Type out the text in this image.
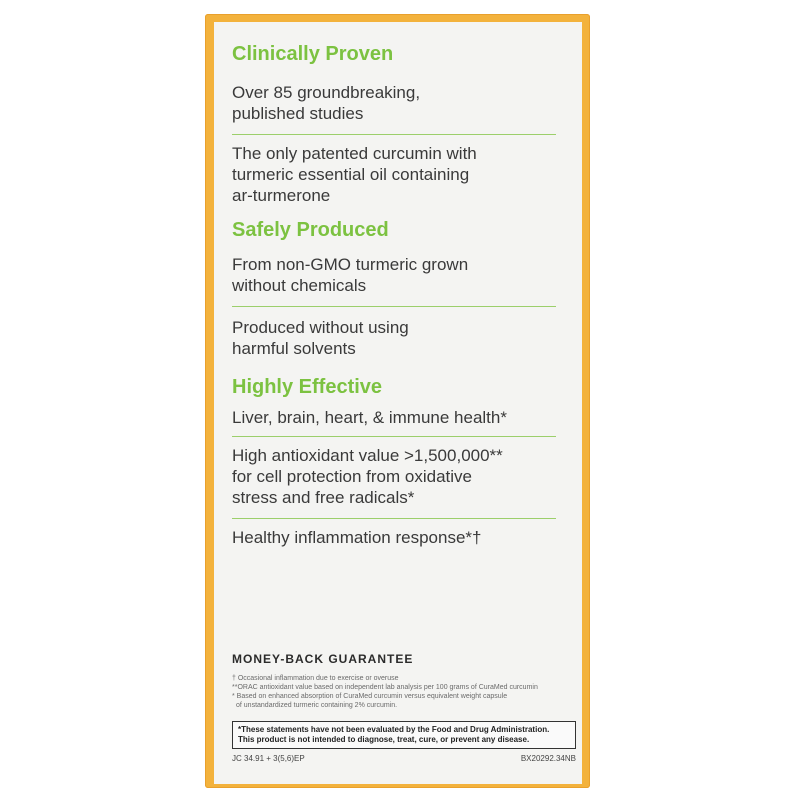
Clinically Proven
Over 85 groundbreaking,
published studies
The only patented curcumin with
turmeric essential oil containing
ar-turmerone
Safely Produced
From non-GMO turmeric grown
without chemicals
Produced without using
harmful solvents
Highly Effective
Liver, brain, heart, & immune health*
High antioxidant value >1,500,000**
for cell protection from oxidative
stress and free radicals*
Healthy inflammation response*†
MONEY-BACK GUARANTEE
† Occasional inflammation due to exercise or overuse
**ORAC antioxidant value based on independent lab analysis per 100 grams of CuraMed curcumin
* Based on enhanced absorption of CuraMed curcumin versus equivalent weight capsule
of unstandardized turmeric containing 2% curcumin.
*These statements have not been evaluated by the Food and Drug Administration.
This product is not intended to diagnose, treat, cure, or prevent any disease.
JC 34.91 + 3(5,6)EP	BX20292.34NB
